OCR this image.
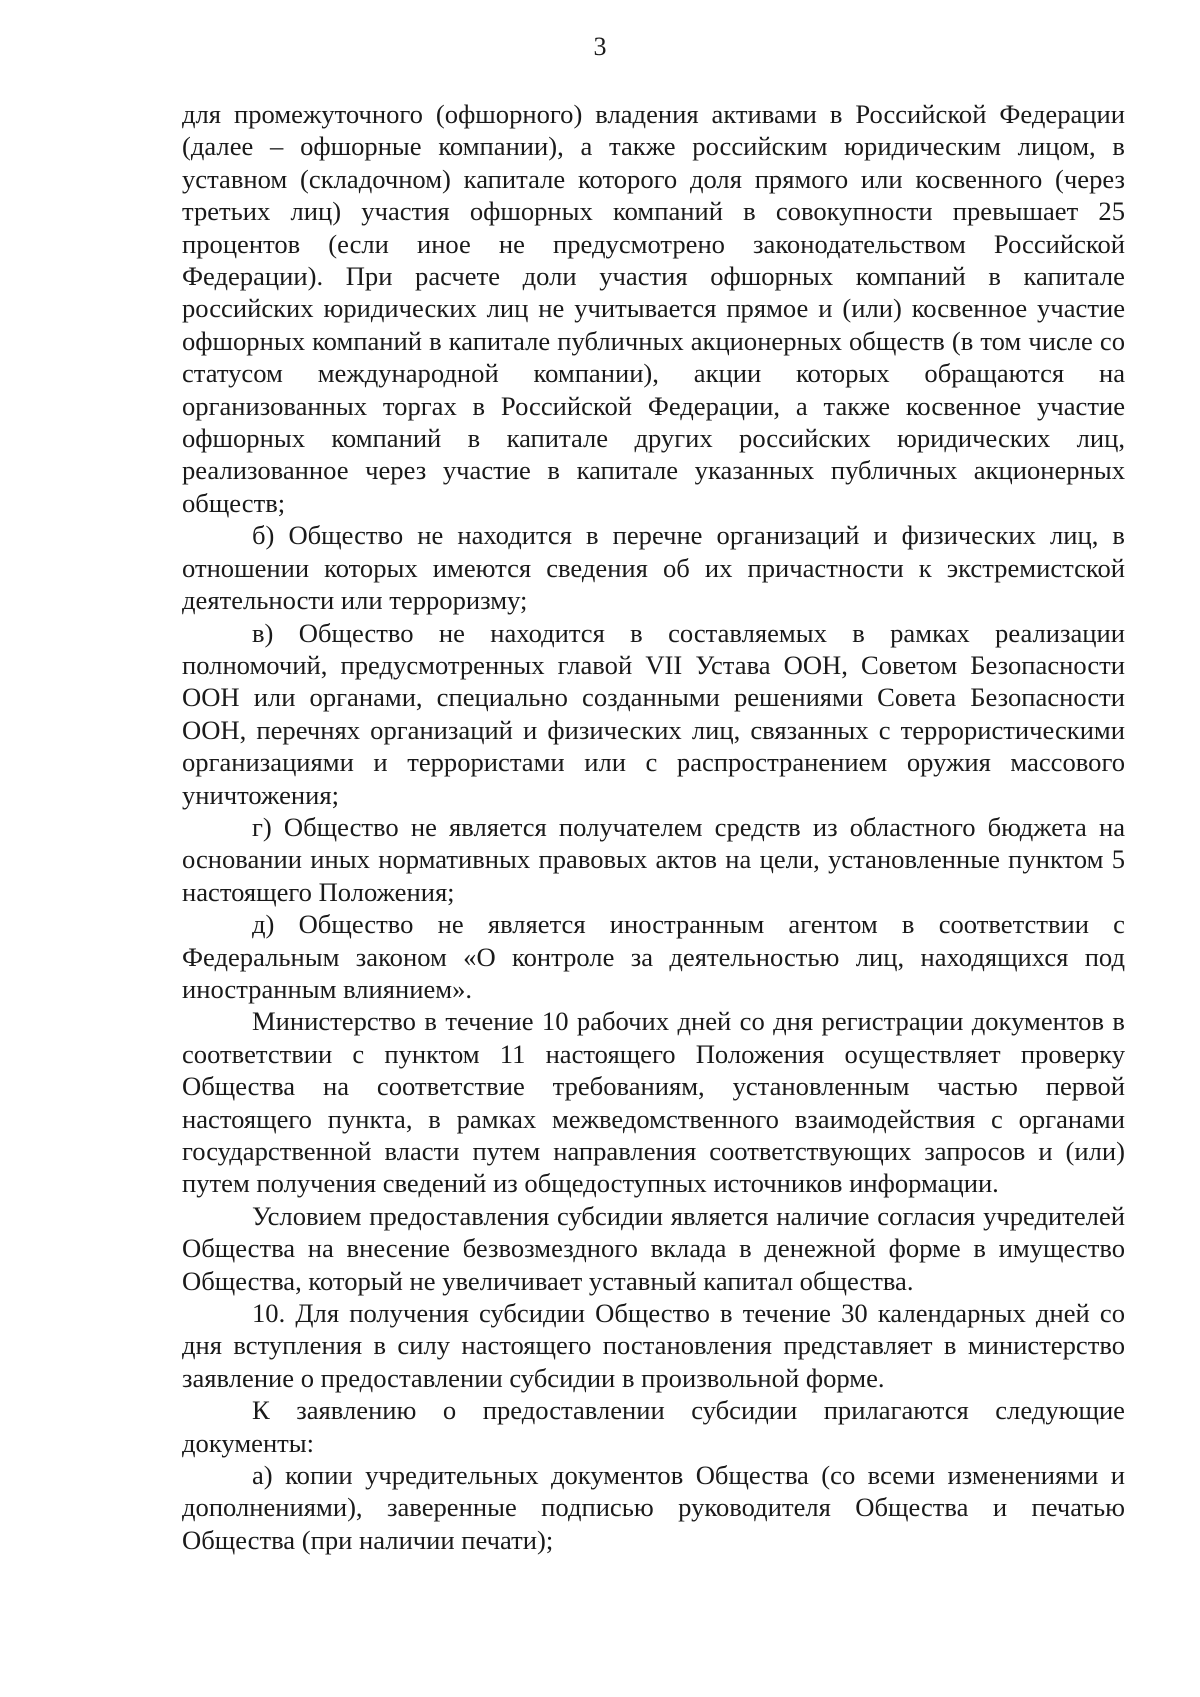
3

для промежуточного (офшорного) владения активами в Российской Федерации (далее – офшорные компании), а также российским юридическим лицом, в уставном (складочном) капитале которого доля прямого или косвенного (через третьих лиц) участия офшорных компаний в совокупности превышает 25 процентов (если иное не предусмотрено законодательством Российской Федерации). При расчете доли участия офшорных компаний в капитале российских юридических лиц не учитывается прямое и (или) косвенное участие офшорных компаний в капитале публичных акционерных обществ (в том числе со статусом международной компании), акции которых обращаются на организованных торгах в Российской Федерации, а также косвенное участие офшорных компаний в капитале других российских юридических лиц, реализованное через участие в капитале указанных публичных акционерных обществ;

б) Общество не находится в перечне организаций и физических лиц, в отношении которых имеются сведения об их причастности к экстремистской деятельности или терроризму;

в) Общество не находится в составляемых в рамках реализации полномочий, предусмотренных главой VII Устава ООН, Советом Безопасности ООН или органами, специально созданными решениями Совета Безопасности ООН, перечнях организаций и физических лиц, связанных с террористическими организациями и террористами или с распространением оружия массового уничтожения;

г) Общество не является получателем средств из областного бюджета на основании иных нормативных правовых актов на цели, установленные пунктом 5 настоящего Положения;

д) Общество не является иностранным агентом в соответствии с Федеральным законом «О контроле за деятельностью лиц, находящихся под иностранным влиянием».

Министерство в течение 10 рабочих дней со дня регистрации документов в соответствии с пунктом 11 настоящего Положения осуществляет проверку Общества на соответствие требованиям, установленным частью первой настоящего пункта, в рамках межведомственного взаимодействия с органами государственной власти путем направления соответствующих запросов и (или) путем получения сведений из общедоступных источников информации.

Условием предоставления субсидии является наличие согласия учредителей Общества на внесение безвозмездного вклада в денежной форме в имущество Общества, который не увеличивает уставный капитал общества.

10. Для получения субсидии Общество в течение 30 календарных дней со дня вступления в силу настоящего постановления представляет в министерство заявление о предоставлении субсидии в произвольной форме.

К заявлению о предоставлении субсидии прилагаются следующие документы:

а) копии учредительных документов Общества (со всеми изменениями и дополнениями), заверенные подписью руководителя Общества и печатью Общества (при наличии печати);
